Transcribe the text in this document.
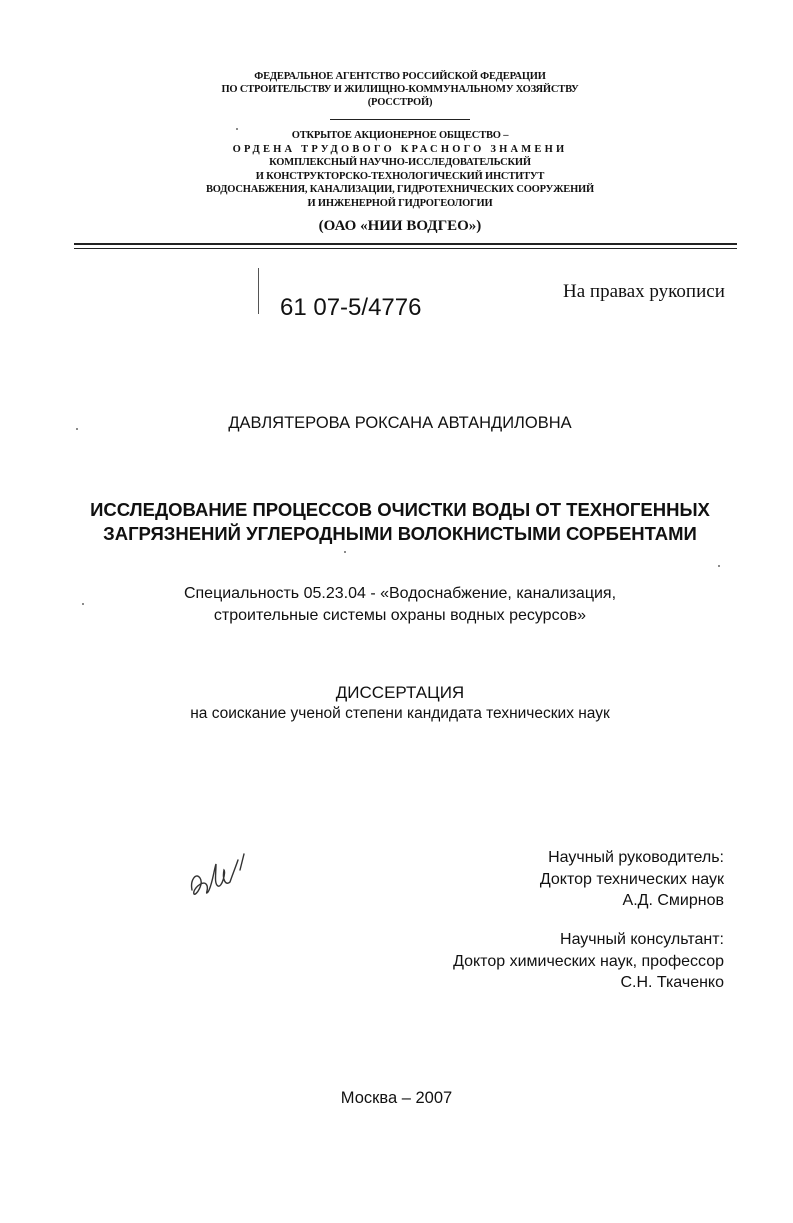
ФЕДЕРАЛЬНОЕ АГЕНТСТВО РОССИЙСКОЙ ФЕДЕРАЦИИ
ПО СТРОИТЕЛЬСТВУ И ЖИЛИЩНО-КОММУНАЛЬНОМУ ХОЗЯЙСТВУ
(РОССТРОЙ)
ОТКРЫТОЕ АКЦИОНЕРНОЕ ОБЩЕСТВО –
ОРДЕНА ТРУДОВОГО КРАСНОГО ЗНАМЕНИ
КОМПЛЕКСНЫЙ НАУЧНО-ИССЛЕДОВАТЕЛЬСКИЙ
И КОНСТРУКТОРСКО-ТЕХНОЛОГИЧЕСКИЙ ИНСТИТУТ
ВОДОСНАБЖЕНИЯ, КАНАЛИЗАЦИИ, ГИДРОТЕХНИЧЕСКИХ СООРУЖЕНИЙ
И ИНЖЕНЕРНОЙ ГИДРОГЕОЛОГИИ
(ОАО «НИИ ВОДГЕО»)
61 07-5/4776
На правах рукописи
ДАВЛЯТЕРОВА РОКСАНА АВТАНДИЛОВНА
ИССЛЕДОВАНИЕ ПРОЦЕССОВ ОЧИСТКИ ВОДЫ ОТ ТЕХНОГЕННЫХ
ЗАГРЯЗНЕНИЙ УГЛЕРОДНЫМИ ВОЛОКНИСТЫМИ СОРБЕНТАМИ
Специальность 05.23.04 - «Водоснабжение, канализация,
строительные системы охраны водных ресурсов»
ДИССЕРТАЦИЯ
на соискание ученой степени кандидата технических наук
Научный руководитель:
Доктор технических наук
А.Д. Смирнов
Научный консультант:
Доктор химических наук, профессор
С.Н. Ткаченко
Москва – 2007
